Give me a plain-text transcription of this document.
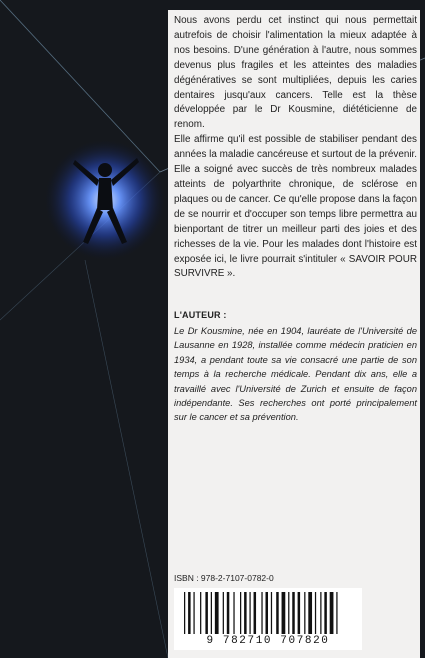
Nous avons perdu cet instinct qui nous permettait autrefois de choisir l'alimentation la mieux adaptée à nos besoins. D'une génération à l'autre, nous sommes devenus plus fragiles et les atteintes des maladies dégénératives se sont multipliées, depuis les caries dentaires jusqu'aux cancers. Telle est la thèse développée par le Dr Kousmine, diététicienne de renom.

Elle affirme qu'il est possible de stabiliser pendant des années la maladie cancéreuse et surtout de la prévenir. Elle a soigné avec succès de très nombreux malades atteints de polyarthrite chronique, de sclérose en plaques ou de cancer. Ce qu'elle propose dans la façon de se nourrir et d'occuper son temps libre permettra au bienportant de titrer un meilleur parti des joies et des richesses de la vie. Pour les malades dont l'histoire est exposée ici, le livre pourrait s'intituler « SAVOIR POUR SURVIVRE ».

L'AUTEUR :
Le Dr Kousmine, née en 1904, lauréate de l'Université de Lausanne en 1928, installée comme médecin praticien en 1934, a pendant toute sa vie consacré une partie de son temps à la recherche médicale. Pendant dix ans, elle a travaillé avec l'Université de Zurich et ensuite de façon indépendante. Ses recherches ont porté principalement sur le cancer et sa prévention.
ISBN : 978-2-7107-0782-0
9 782710 707820
